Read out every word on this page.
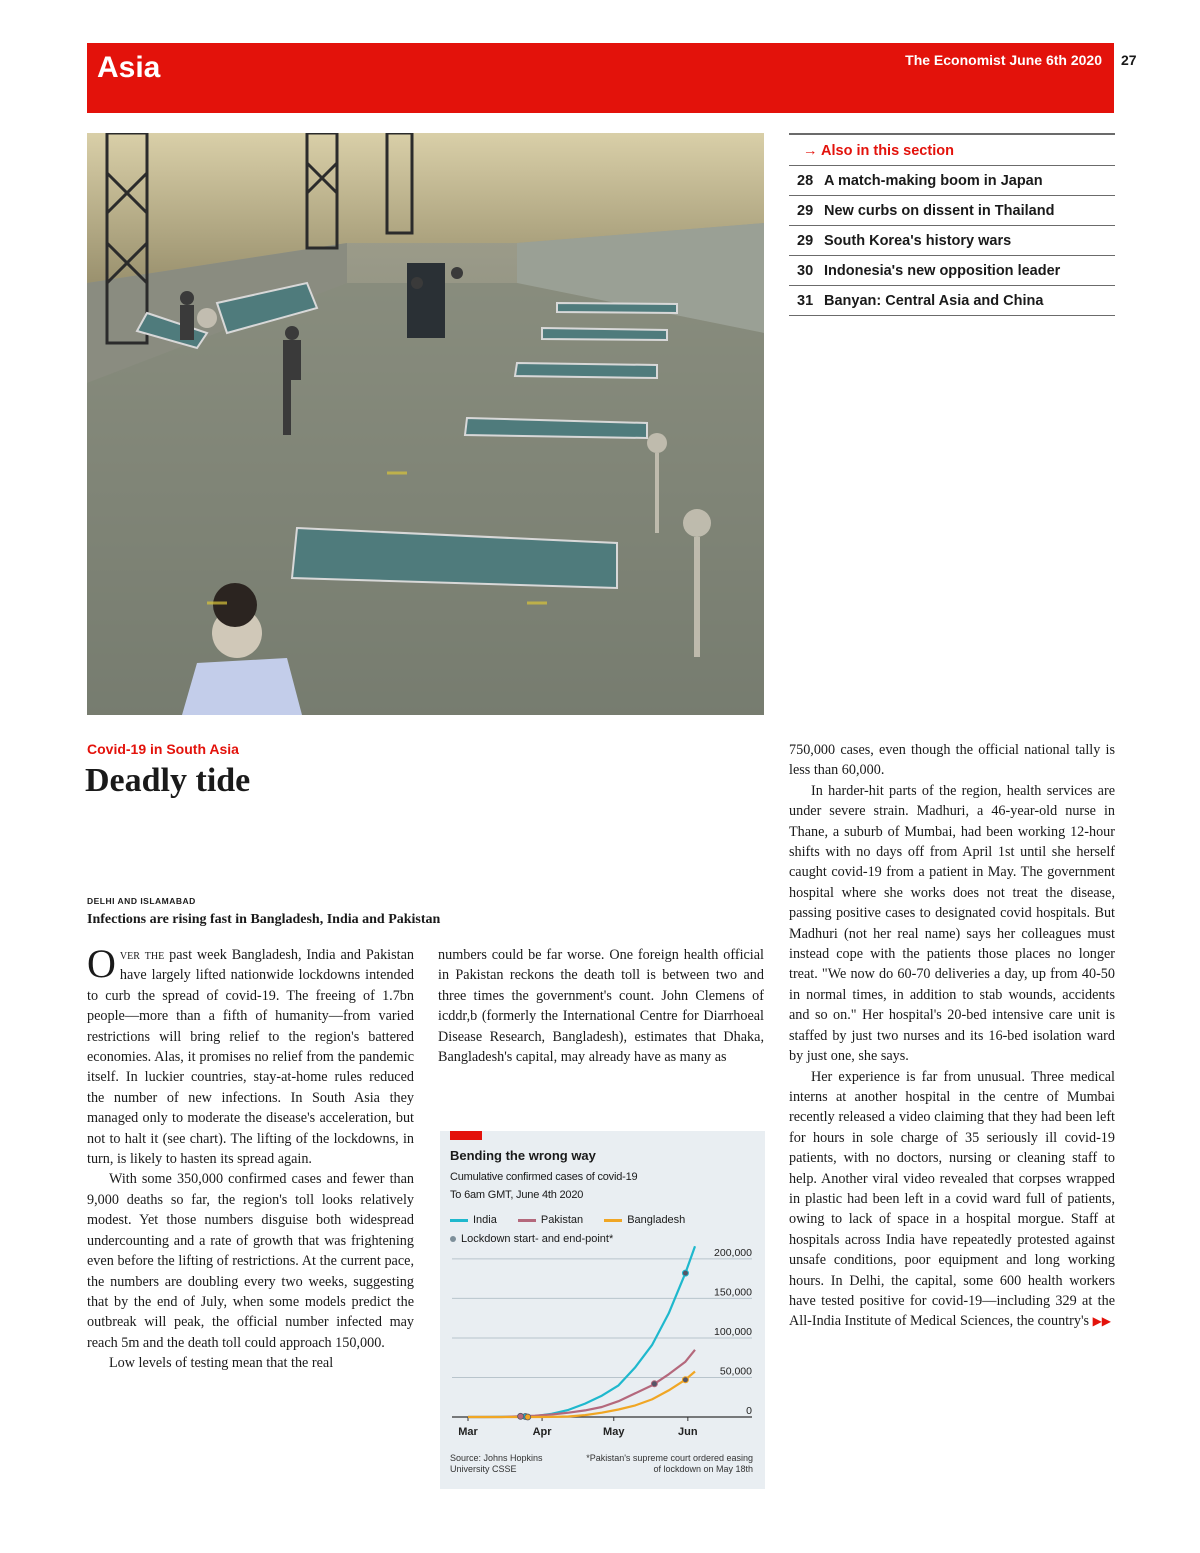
Asia	The Economist June 6th 2020 27
→ Also in this section
28 A match-making boom in Japan
29 New curbs on dissent in Thailand
29 South Korea's history wars
30 Indonesia's new opposition leader
31 Banyan: Central Asia and China
Covid-19 in South Asia
Deadly tide
DELHI AND ISLAMABAD
Infections are rising fast in Bangladesh, India and Pakistan

Over the past week Bangladesh, India and Pakistan have largely lifted nationwide lockdowns intended to curb the spread of covid-19. The freeing of 1.7bn people—more than a fifth of humanity—from varied restrictions will bring relief to the region's battered economies. Alas, it promises no relief from the pandemic itself. In luckier countries, stay-at-home rules reduced the number of new infections. In South Asia they managed only to moderate the disease's acceleration, but not to halt it (see chart). The lifting of the lockdowns, in turn, is likely to hasten its spread again.

With some 350,000 confirmed cases and fewer than 9,000 deaths so far, the region's toll looks relatively modest. Yet those numbers disguise both widespread undercounting and a rate of growth that was frightening even before the lifting of restrictions. At the current pace, the numbers are doubling every two weeks, suggesting that by the end of July, when some models predict the outbreak will peak, the official number infected may reach 5m and the death toll could approach 150,000.

Low levels of testing mean that the real

numbers could be far worse. One foreign health official in Pakistan reckons the death toll is between two and three times the government's count. John Clemens of icddr,b (formerly the International Centre for Diarrhoeal Disease Research, Bangladesh), estimates that Dhaka, Bangladesh's capital, may already have as many as

Bending the wrong way
Cumulative confirmed cases of covid-19
To 6am GMT, June 4th 2020
India	Pakistan	Bangladesh
Lockdown start- and end-point*
200,000
150,000
100,000
50,000
0
Mar	Apr	May	Jun
Source: Johns Hopkins University CSSE
*Pakistan's supreme court ordered easing of lockdown on May 18th

750,000 cases, even though the official national tally is less than 60,000.

In harder-hit parts of the region, health services are under severe strain. Madhuri, a 46-year-old nurse in Thane, a suburb of Mumbai, had been working 12-hour shifts with no days off from April 1st until she herself caught covid-19 from a patient in May. The government hospital where she works does not treat the disease, passing positive cases to designated covid hospitals. But Madhuri (not her real name) says her colleagues must instead cope with the patients those places no longer treat. "We now do 60-70 deliveries a day, up from 40-50 in normal times, in addition to stab wounds, accidents and so on." Her hospital's 20-bed intensive care unit is staffed by just two nurses and its 16-bed isolation ward by just one, she says.

Her experience is far from unusual. Three medical interns at another hospital in the centre of Mumbai recently released a video claiming that they had been left for hours in sole charge of 35 seriously ill covid-19 patients, with no doctors, nursing or cleaning staff to help. Another viral video revealed that corpses wrapped in plastic had been left in a covid ward full of patients, owing to lack of space in a hospital morgue. Staff at hospitals across India have repeatedly protested against unsafe conditions, poor equipment and long working hours. In Delhi, the capital, some 600 health workers have tested positive for covid-19—including 329 at the All-India Institute of Medical Sciences, the country's ▶▶
